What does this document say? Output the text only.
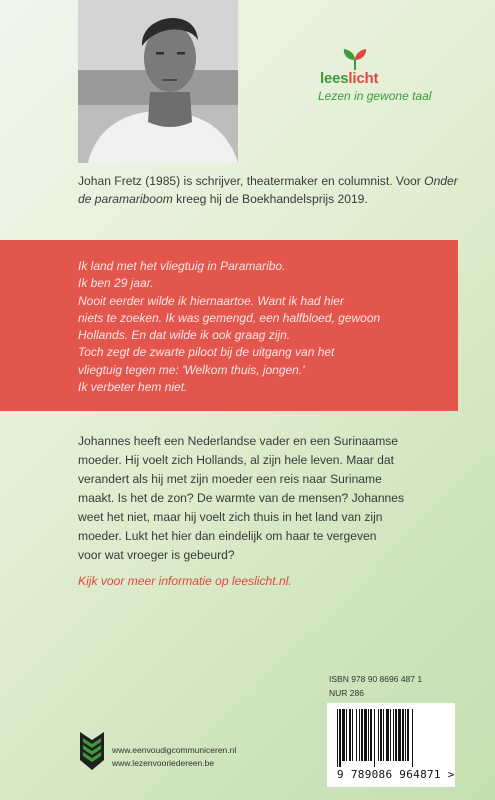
leeslicht
Lezen in gewone taal
Johan Fretz (1985) is schrijver, theatermaker en columnist. Voor Onder de paramariboom kreeg hij de Boekhandelsprijs 2019.
Ik land met het vliegtuig in Paramaribo.
Ik ben 29 jaar.
Nooit eerder wilde ik hiernaartoe. Want ik had hier
niets te zoeken. Ik was gemengd, een halfbloed, gewoon
Hollands. En dat wilde ik ook graag zijn.
Toch zegt de zwarte piloot bij de uitgang van het
vliegtuig tegen me: 'Welkom thuis, jongen.'
Ik verbeter hem niet.
Johannes heeft een Nederlandse vader en een Surinaamse
moeder. Hij voelt zich Hollands, al zijn hele leven. Maar dat
verandert als hij met zijn moeder een reis naar Suriname
maakt. Is het de zon? De warmte van de mensen? Johannes
weet het niet, maar hij voelt zich thuis in het land van zijn
moeder. Lukt het hier dan eindelijk om haar te vergeven
voor wat vroeger is gebeurd?
Kijk voor meer informatie op leeslicht.nl.
ISBN 978 90 8696 487 1
NUR 286
9 789086 964871 >
www.eenvoudigcommuniceren.nl
www.lezenvooriedereen.be
